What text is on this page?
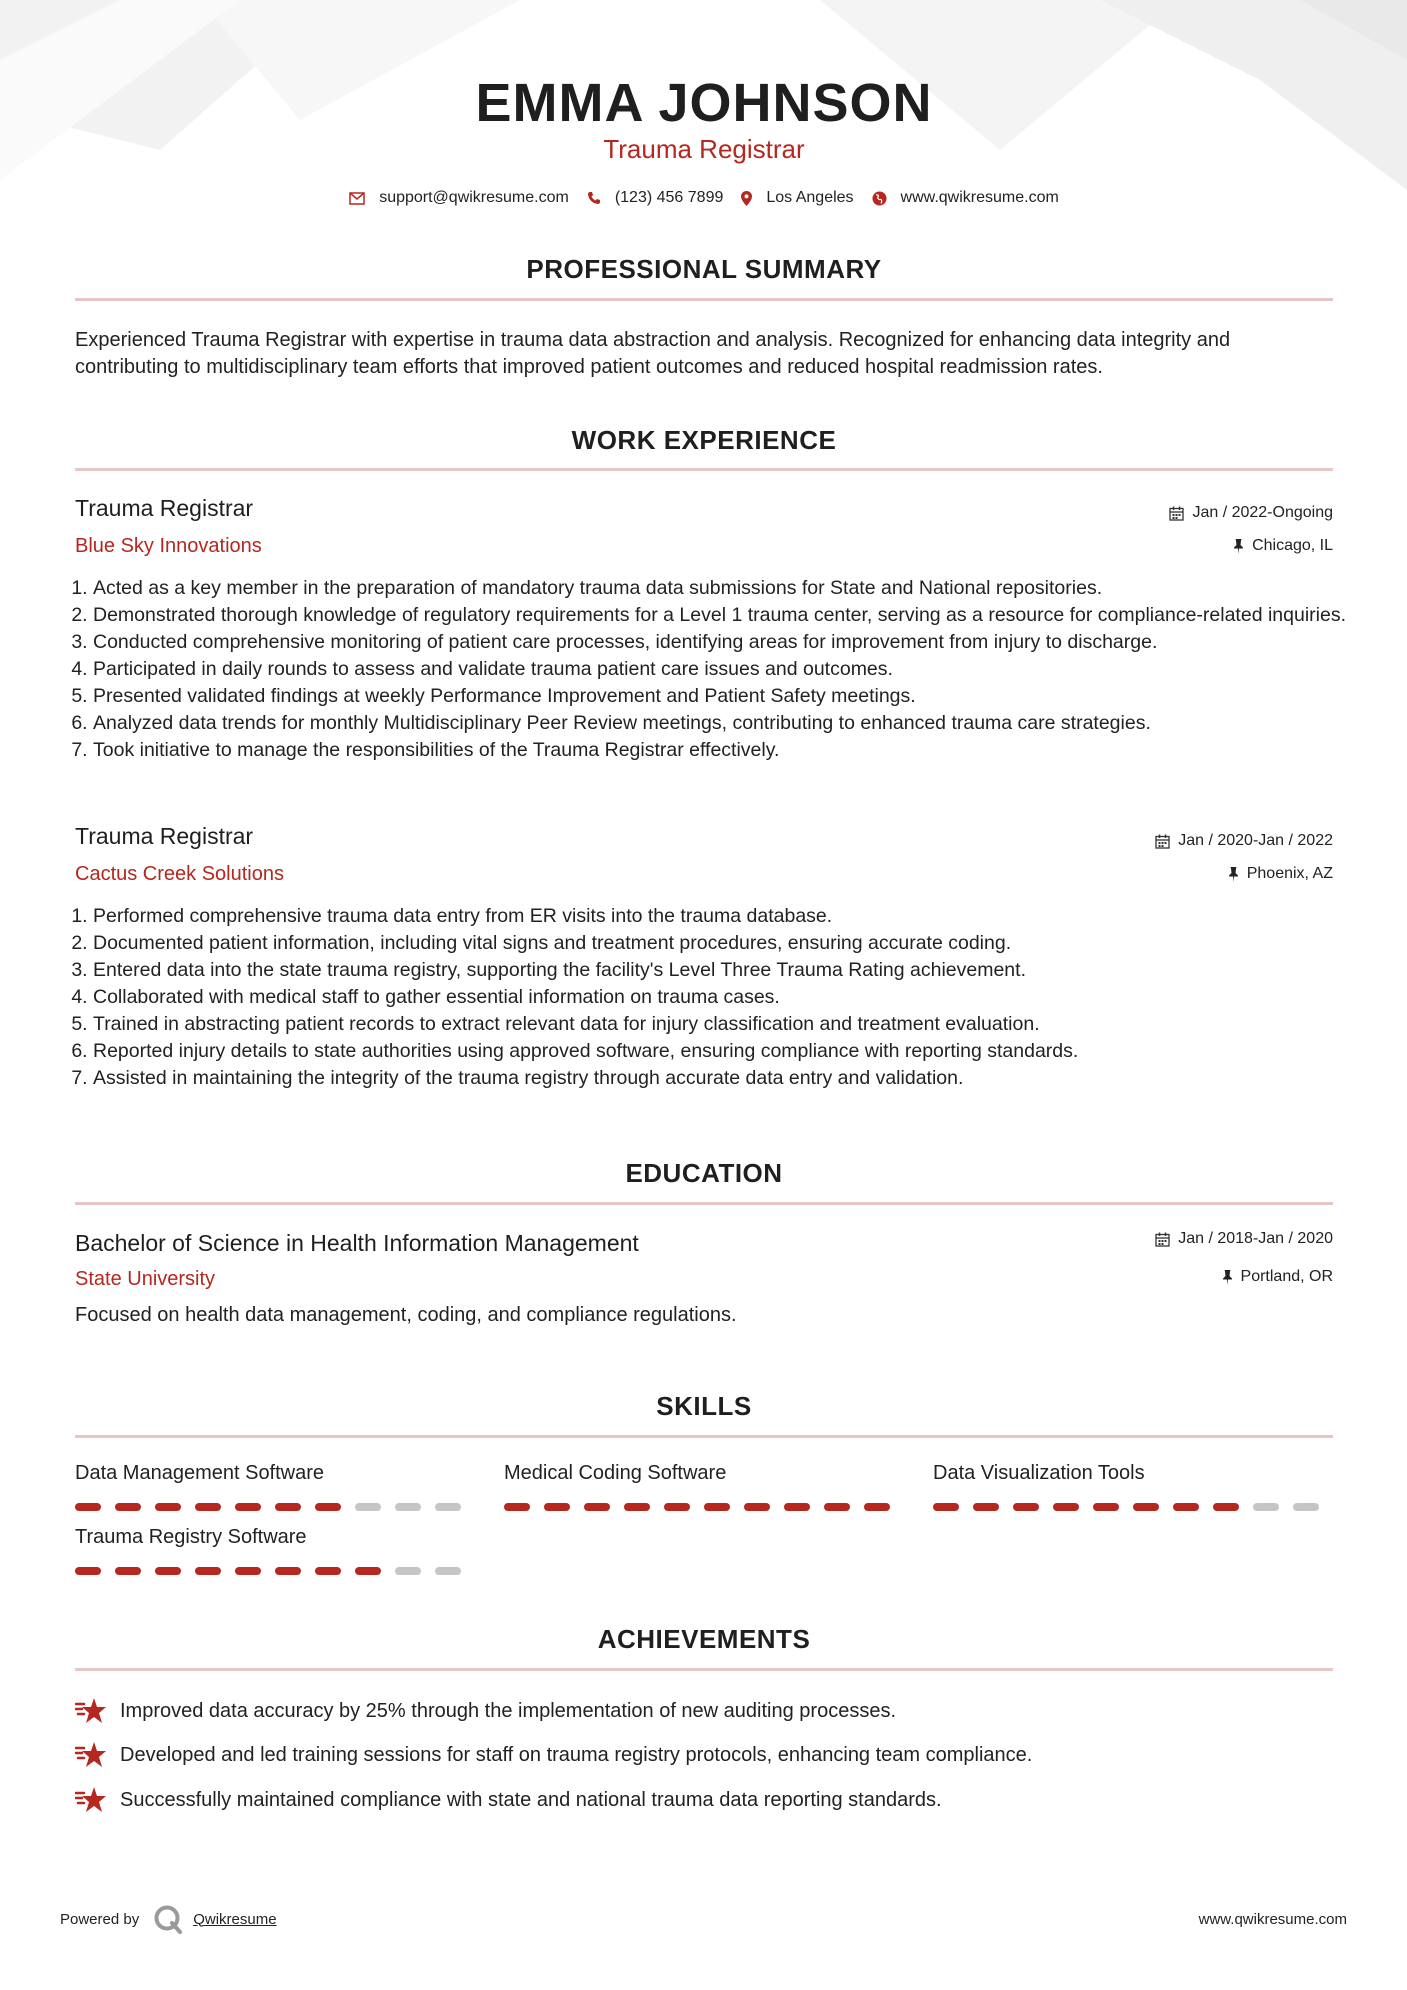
EMMA JOHNSON
Trauma Registrar
support@qwikresume.com	(123) 456 7899	Los Angeles	www.qwikresume.com
PROFESSIONAL SUMMARY
Experienced Trauma Registrar with expertise in trauma data abstraction and analysis. Recognized for enhancing data integrity and contributing to multidisciplinary team efforts that improved patient outcomes and reduced hospital readmission rates.
WORK EXPERIENCE
Trauma Registrar	Jan / 2022-Ongoing
Blue Sky Innovations	Chicago, IL
1. Acted as a key member in the preparation of mandatory trauma data submissions for State and National repositories.
2. Demonstrated thorough knowledge of regulatory requirements for a Level 1 trauma center, serving as a resource for compliance-related inquiries.
3. Conducted comprehensive monitoring of patient care processes, identifying areas for improvement from injury to discharge.
4. Participated in daily rounds to assess and validate trauma patient care issues and outcomes.
5. Presented validated findings at weekly Performance Improvement and Patient Safety meetings.
6. Analyzed data trends for monthly Multidisciplinary Peer Review meetings, contributing to enhanced trauma care strategies.
7. Took initiative to manage the responsibilities of the Trauma Registrar effectively.
Trauma Registrar	Jan / 2020-Jan / 2022
Cactus Creek Solutions	Phoenix, AZ
1. Performed comprehensive trauma data entry from ER visits into the trauma database.
2. Documented patient information, including vital signs and treatment procedures, ensuring accurate coding.
3. Entered data into the state trauma registry, supporting the facility's Level Three Trauma Rating achievement.
4. Collaborated with medical staff to gather essential information on trauma cases.
5. Trained in abstracting patient records to extract relevant data for injury classification and treatment evaluation.
6. Reported injury details to state authorities using approved software, ensuring compliance with reporting standards.
7. Assisted in maintaining the integrity of the trauma registry through accurate data entry and validation.
EDUCATION
Bachelor of Science in Health Information Management	Jan / 2018-Jan / 2020
State University	Portland, OR
Focused on health data management, coding, and compliance regulations.
SKILLS
Data Management Software	Medical Coding Software	Data Visualization Tools
Trauma Registry Software
ACHIEVEMENTS
Improved data accuracy by 25% through the implementation of new auditing processes.
Developed and led training sessions for staff on trauma registry protocols, enhancing team compliance.
Successfully maintained compliance with state and national trauma data reporting standards.
Powered by	Qwikresume	www.qwikresume.com
